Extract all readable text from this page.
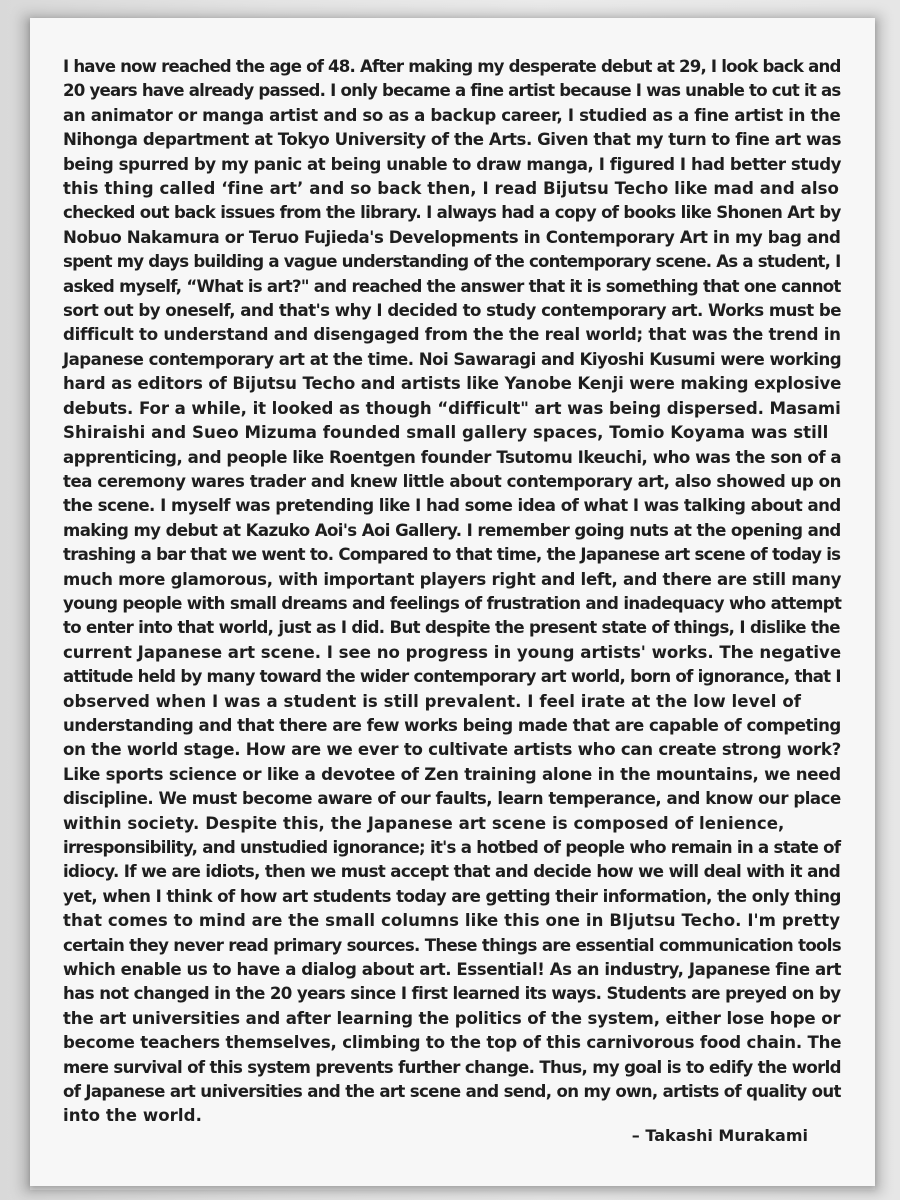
I have now reached the age of 48. After making my desperate debut at 29, I look back and
20 years have already passed. I only became a fine artist because I was unable to cut it as
an animator or manga artist and so as a backup career, I studied as a fine artist in the
Nihonga department at Tokyo University of the Arts. Given that my turn to fine art was
being spurred by my panic at being unable to draw manga, I figured I had better study
this thing called ‘fine art’ and so back then, I read Bijutsu Techo like mad and also
checked out back issues from the library. I always had a copy of books like Shonen Art by
Nobuo Nakamura or Teruo Fujieda's Developments in Contemporary Art in my bag and
spent my days building a vague understanding of the contemporary scene. As a student, I
asked myself, “What is art?" and reached the answer that it is something that one cannot
sort out by oneself, and that's why I decided to study contemporary art. Works must be
difficult to understand and disengaged from the the real world; that was the trend in
Japanese contemporary art at the time. Noi Sawaragi and Kiyoshi Kusumi were working
hard as editors of Bijutsu Techo and artists like Yanobe Kenji were making explosive
debuts. For a while, it looked as though “difficult" art was being dispersed. Masami
Shiraishi and Sueo Mizuma founded small gallery spaces, Tomio Koyama was still
apprenticing, and people like Roentgen founder Tsutomu Ikeuchi, who was the son of a
tea ceremony wares trader and knew little about contemporary art, also showed up on
the scene. I myself was pretending like I had some idea of what I was talking about and
making my debut at Kazuko Aoi's Aoi Gallery. I remember going nuts at the opening and
trashing a bar that we went to. Compared to that time, the Japanese art scene of today is
much more glamorous, with important players right and left, and there are still many
young people with small dreams and feelings of frustration and inadequacy who attempt
to enter into that world, just as I did. But despite the present state of things, I dislike the
current Japanese art scene. I see no progress in young artists' works. The negative
attitude held by many toward the wider contemporary art world, born of ignorance, that I
observed when I was a student is still prevalent. I feel irate at the low level of
understanding and that there are few works being made that are capable of competing
on the world stage. How are we ever to cultivate artists who can create strong work?
Like sports science or like a devotee of Zen training alone in the mountains, we need
discipline. We must become aware of our faults, learn temperance, and know our place
within society. Despite this, the Japanese art scene is composed of lenience,
irresponsibility, and unstudied ignorance; it's a hotbed of people who remain in a state of
idiocy. If we are idiots, then we must accept that and decide how we will deal with it and
yet, when I think of how art students today are getting their information, the only thing
that comes to mind are the small columns like this one in BIjutsu Techo. I'm pretty
certain they never read primary sources. These things are essential communication tools
which enable us to have a dialog about art. Essential! As an industry, Japanese fine art
has not changed in the 20 years since I first learned its ways. Students are preyed on by
the art universities and after learning the politics of the system, either lose hope or
become teachers themselves, climbing to the top of this carnivorous food chain. The
mere survival of this system prevents further change. Thus, my goal is to edify the world
of Japanese art universities and the art scene and send, on my own, artists of quality out
into the world.

– Takashi Murakami
